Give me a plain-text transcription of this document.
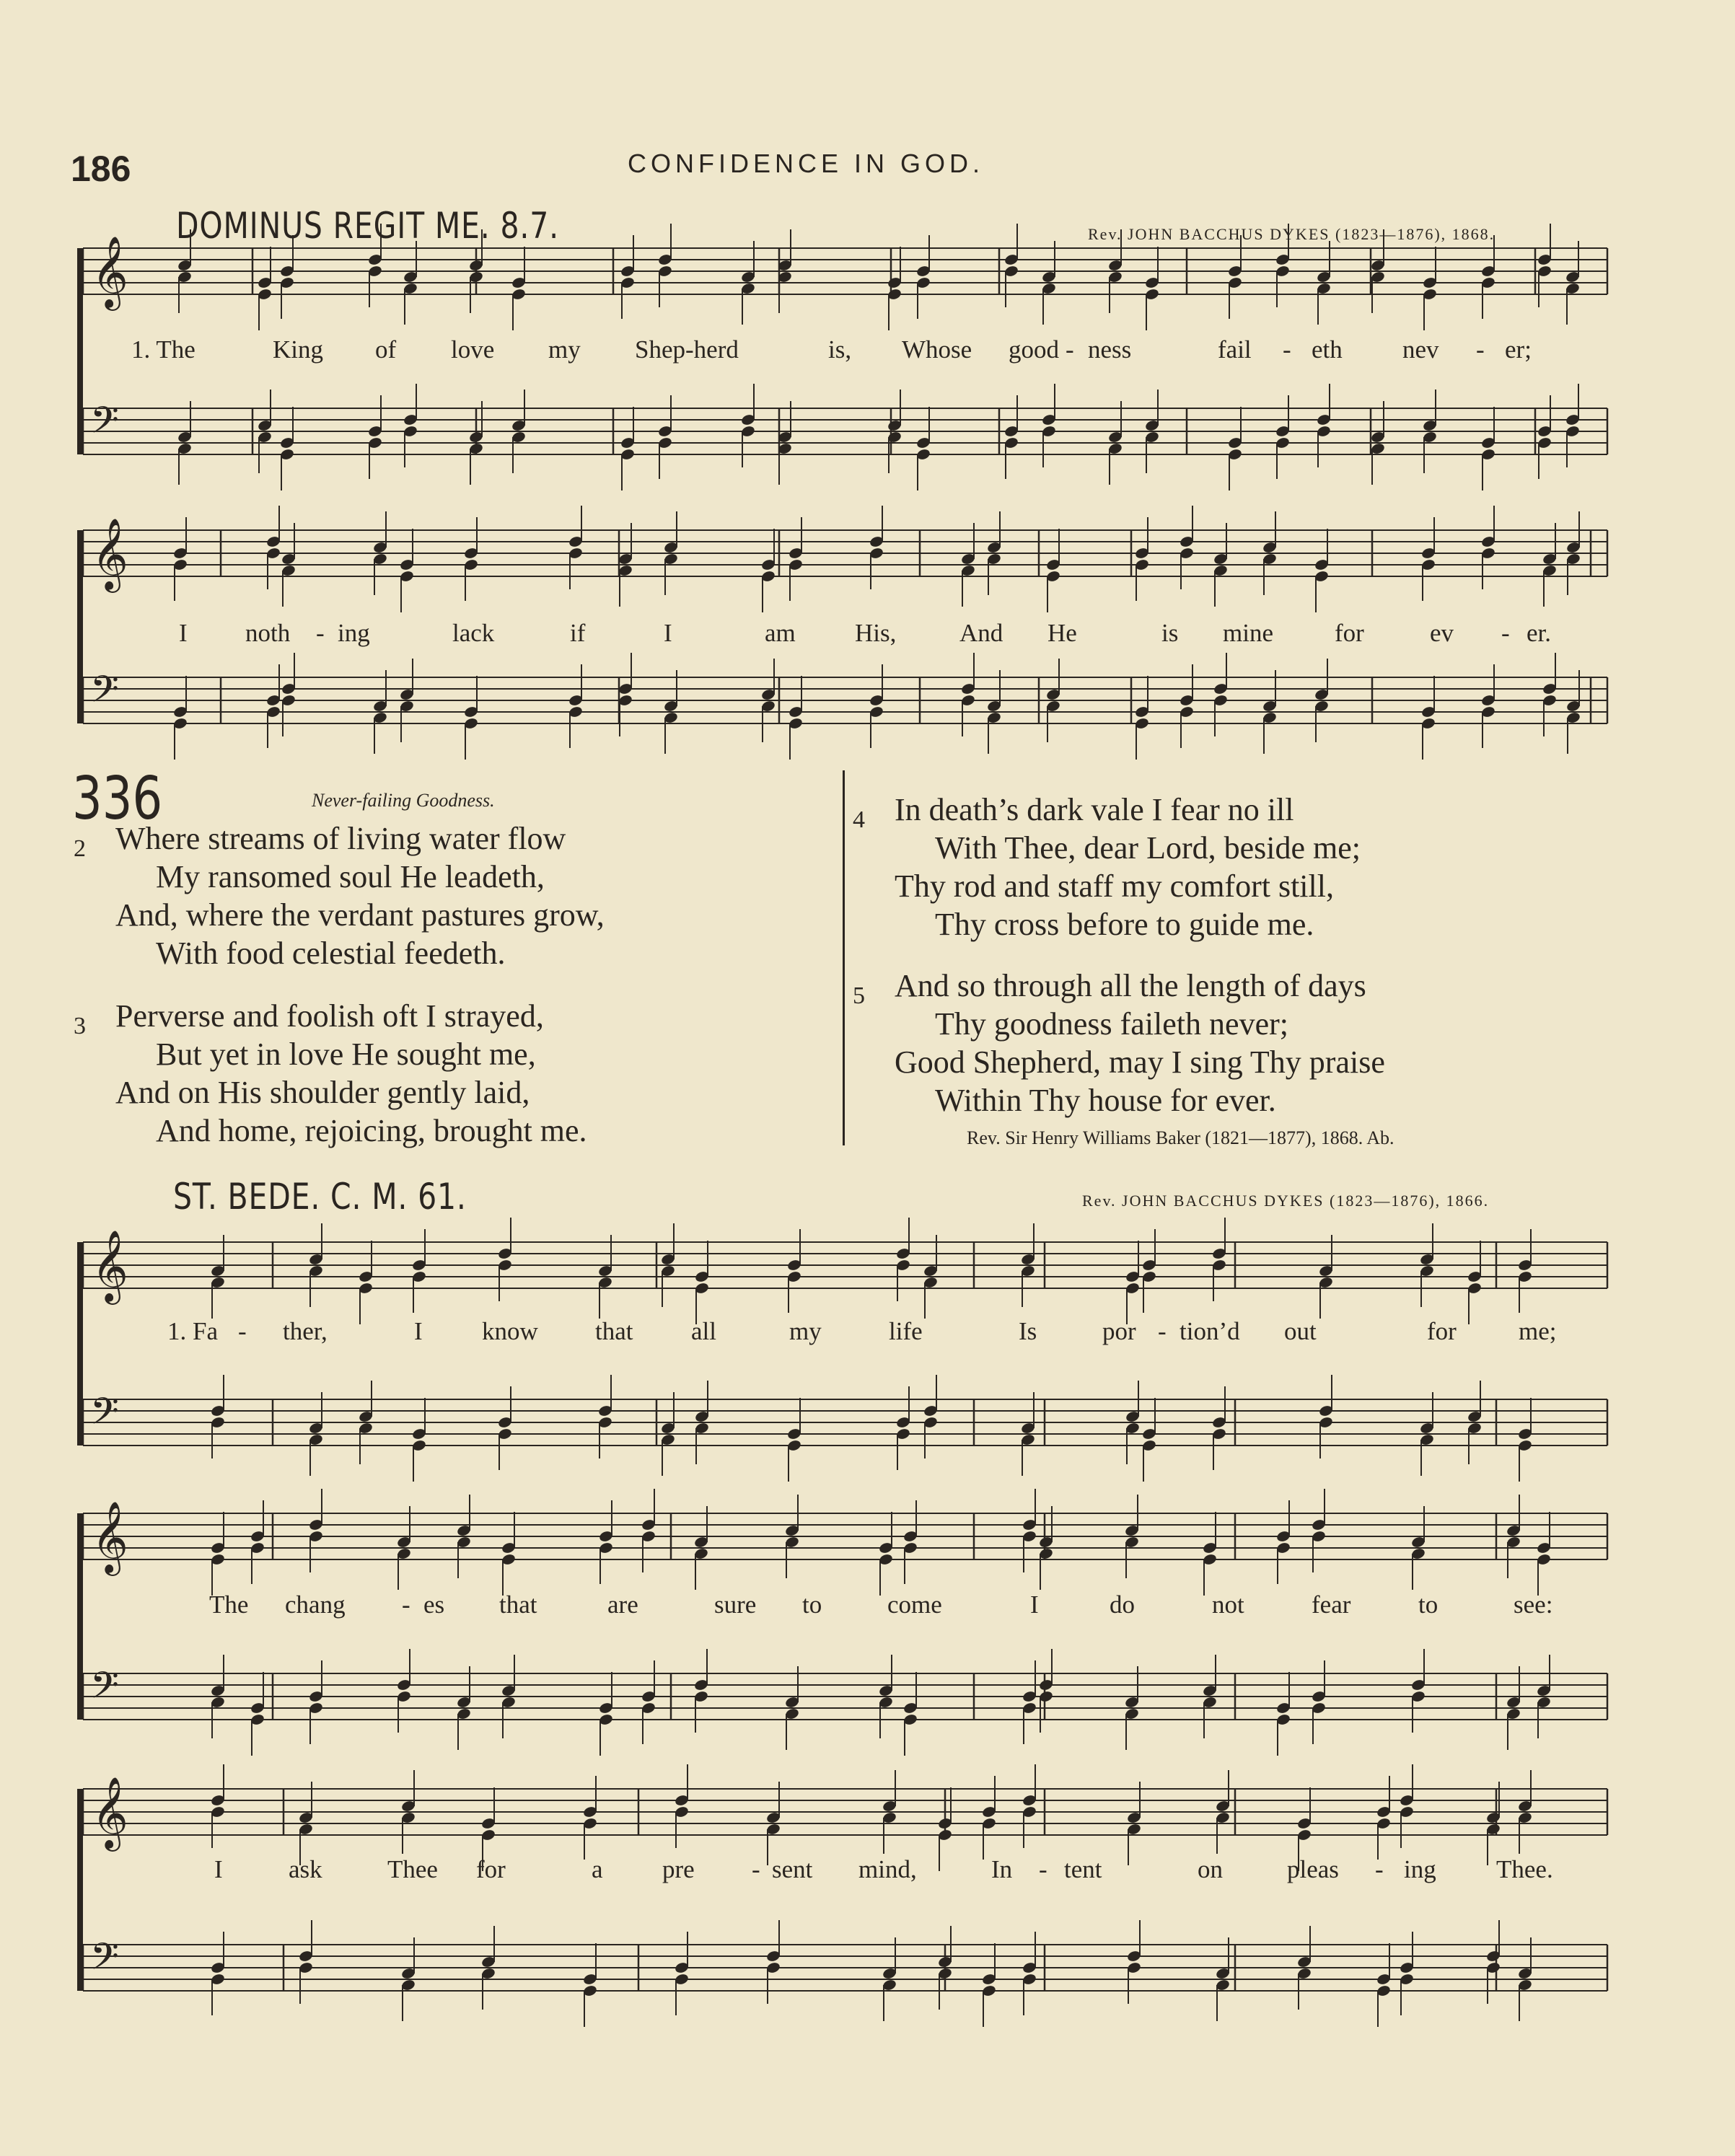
186	CONFIDENCE IN GOD.
DOMINUS REGIT ME. 8.7.	Rev. JOHN BACCHUS DYKES (1823—1876), 1868.
𝄞
𝄢
𝄞
𝄢
𝄞
𝄢
𝄞
𝄢
𝄞
𝄢
1. The	King of love my Shep-herd	is, Whose good - ness	fail - eth nev - er;
I noth - ing	lack	if	I	am His,	And He	is mine for	ev - er.
336	Never-failing Goodness.
2 Where streams of living water flow
My ransomed soul He leadeth,
And, where the verdant pastures grow,
With food celestial feedeth.
3 Perverse and foolish oft I strayed,
But yet in love He sought me,
And on His shoulder gently laid,
And home, rejoicing, brought me.
4 In death’s dark vale I fear no ill
With Thee, dear Lord, beside me;
Thy rod and staff my comfort still,
Thy cross before to guide me.
5 And so through all the length of days
Thy goodness faileth never;
Good Shepherd, may I sing Thy praise
Within Thy house for ever.
Rev. Sir Henry Williams Baker (1821—1877), 1868. Ab.
ST. BEDE. C. M. 61.	Rev. JOHN BACCHUS DYKES (1823—1876), 1866.
1. Fa - ther,	I know that all	my	life	Is	por - tion’d out	for me;
The chang - es that	are	sure to	come	I	do	not	fear	to	see:
I	ask	Thee for	a pre - sent mind,	In - tent	on	pleas - ing Thee.
